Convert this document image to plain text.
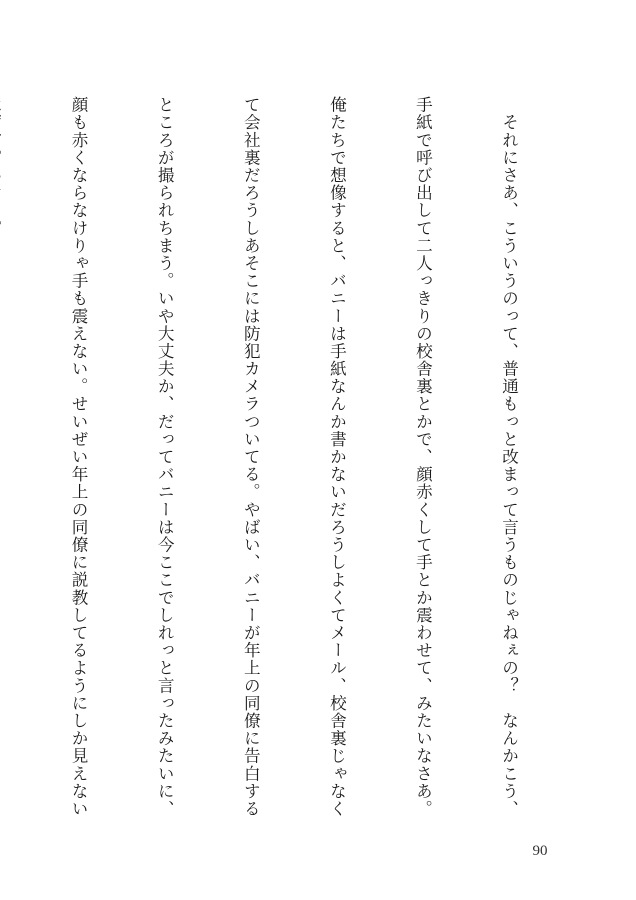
　それにさあ、こういうのって、普通もっと改まって言うものじゃねぇの？　なんかこう、

手紙で呼び出して二人っきりの校舎裏とかで、顔赤くして手とか震わせて、みたいなさあ。

俺たちで想像すると、バニーは手紙なんか書かないだろうしよくてメール、校舎裏じゃなく

て会社裏だろうしあそこには防犯カメラついてる。やばい、バニーが年上の同僚に告白する

ところが撮られちまう。いや大丈夫か、だってバニーは今ここでしれっと言ったみたいに、

顔も赤くならなけりゃ手も震えない。せいぜい年上の同僚に説教してるようにしか見えない

90
